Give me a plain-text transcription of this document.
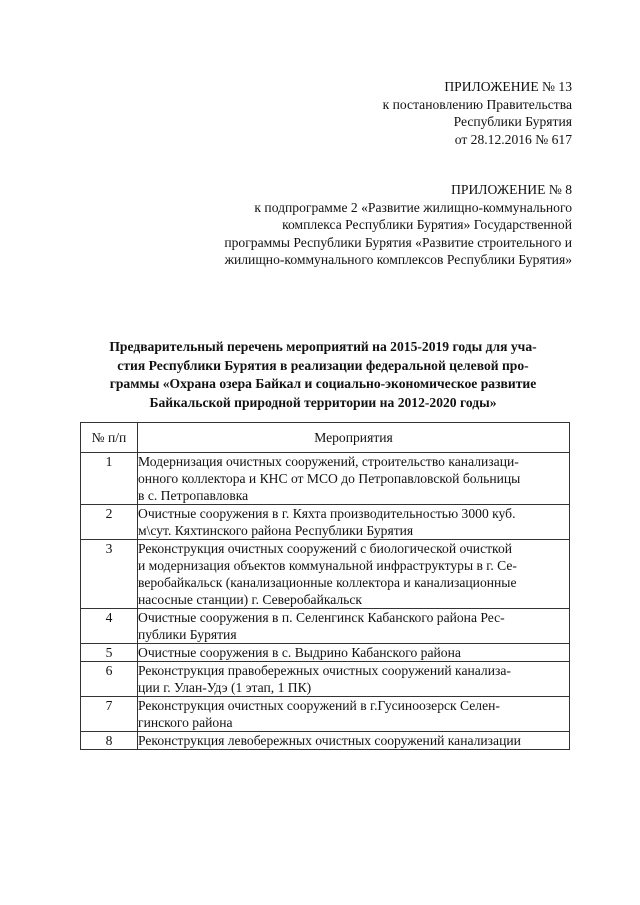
ПРИЛОЖЕНИЕ № 13
к постановлению Правительства
Республики Бурятия
от 28.12.2016 № 617
ПРИЛОЖЕНИЕ № 8
к подпрограмме 2 «Развитие жилищно-коммунального
комплекса Республики Бурятия» Государственной
программы Республики Бурятия «Развитие строительного и
жилищно-коммунального комплексов Республики Бурятия»
Предварительный перечень мероприятий на 2015-2019 годы для уча-
стия Республики Бурятия в реализации федеральной целевой про-
граммы «Охрана озера Байкал и социально-экономическое развитие
Байкальской природной территории на 2012-2020 годы»
№ п/п	Мероприятия
1	Модернизация очистных сооружений, строительство канализаци-
онного коллектора и КНС от МСО до Петропавловской больницы
в с. Петропавловка

2	Очистные сооружения в г. Кяхта производительностью 3000 куб.
м\сут. Кяхтинского района Республики Бурятия

3	Реконструкция очистных сооружений с биологической очисткой
и модернизация объектов коммунальной инфраструктуры в г. Се-
веробайкальск (канализационные коллектора и канализационные
насосные станции) г. Северобайкальск

4	Очистные сооружения в п. Селенгинск Кабанского района Рес-
публики Бурятия

5	Очистные сооружения в с. Выдрино Кабанского района

6	Реконструкция правобережных очистных сооружений канализа-
ции г. Улан-Удэ (1 этап, 1 ПК)

7	Реконструкция очистных сооружений в г.Гусиноозерск Селен-
гинского района

8	Реконструкция левобережных очистных сооружений канализации
